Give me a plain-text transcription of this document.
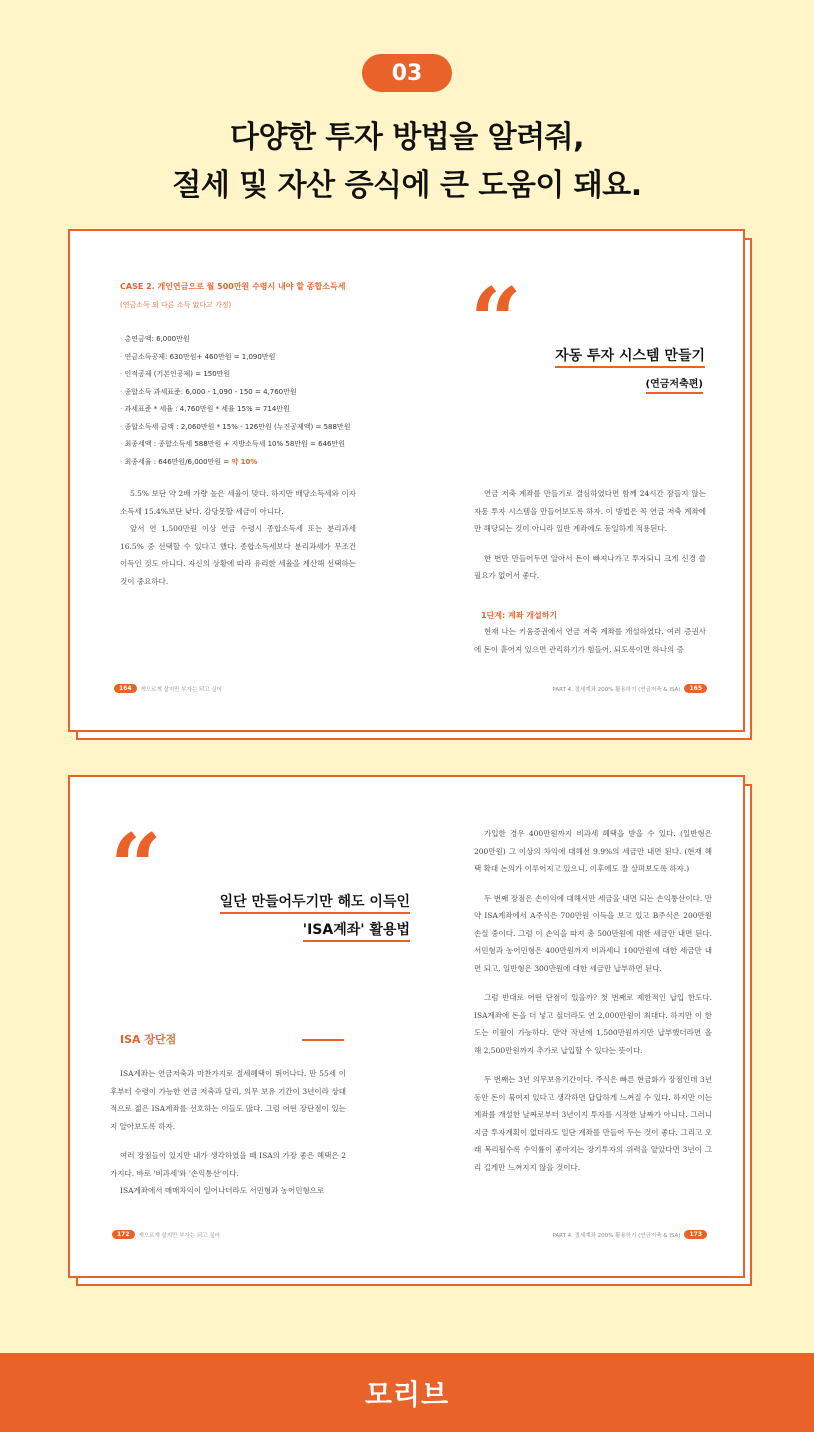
03
다양한 투자 방법을 알려줘,
절세 및 자산 증식에 큰 도움이 돼요.
CASE 2. 개인연금으로 월 500만원 수령시 내야 할 종합소득세
(연금소득 외 다른 소득 없다고 가정)
· 총연금액: 6,000만원
· 연금소득공제: 630만원+ 460만원 = 1,090만원
· 인적공제 (기본인공제) = 150만원
· 종합소득 과세표준: 6,000 - 1,090 - 150 = 4,760만원
· 과세표준 * 세율 : 4,760만원 * 세율 15% = 714만원
· 종합소득세 금액 : 2,060만원 * 15% - 126만원 (누진공제액) = 588만원
· 최종세액 : 종합소득세 588만원 + 지방소득세 10% 58만원 = 646만원
· 최종세율 : 646만원/6,000만원 = 약 10%

5.5% 보단 약 2배 가량 높은 세율이 맞다. 하지만 배당소득세와 이자소득세 15.4%보단 낮다. 감당못할 세금이 아니다.

앞서 연 1,500만원 이상 연금 수령시 종합소득세 또는 분리과세 16.5% 중 선택할 수 있다고 했다. 종합소득세보다 분리과세가 무조건 이득인 것도 아니다. 자신의 상황에 따라 유리한 세율을 계산해 선택하는 것이 중요하다.

164	게으르게 살지만 부자는 되고 싶어
“ 자동 투자 시스템 만들기
(연금저축편)

연금 저축 계좌를 만들기로 결심하였다면 함께 24시간 잠들지 않는 자동 투자 시스템을 만들어보도록 하자. 이 방법은 꼭 연금 저축 계좌에만 해당되는 것이 아니라 일반 계좌에도 동일하게 적용된다.

한 번만 만들어두면 알아서 돈이 빠져나가고 투자되니 크게 신경 쓸 필요가 없어서 좋다.

1단계: 계좌 개설하기

현재 나는 키움증권에서 연금 저축 계좌를 개설하였다. 여러 증권사에 돈이 흩어져 있으면 관리하기가 힘들어, 되도록이면 하나의 증

PART 4. 절세계좌 200% 활용하기 (연금저축 & ISA)	165
“	일단 만들어두기만 해도 이득인
'ISA계좌' 활용법
ISA 장단점

ISA계좌는 연금저축과 마찬가지로 절세혜택이 뛰어나다. 만 55세 이후부터 수령이 가능한 연금 저축과 달리, 의무 보유 기간이 3년이라 상대적으로 젊은 ISA계좌를 선호하는 이들도 많다. 그럼 어떤 장단점이 있는지 알아보도록 하자.

여러 장점들이 있지만 내가 생각하였을 때 ISA의 가장 좋은 혜택은 2가지다. 바로 '비과세'와 '손익통산'이다.

ISA계좌에서 매매차익이 일어나더라도 서민형과 농어민형으로

172	게으르게 살지만 부자는 되고 싶어

가입한 경우 400만원까지 비과세 혜택을 받을 수 있다. (일반형은 200만원) 그 이상의 차익에 대해선 9.9%의 세금만 내면 된다. (현재 혜택 확대 논의가 이루어지고 있으니, 이후에도 잘 살펴보도록 하자.)

두 번째 장점은 손이익에 대해서만 세금을 내면 되는 손익통산이다. 만약 ISA계좌에서 A주식은 700만원 이득을 보고 있고 B주식은 200만원 손실 중이다. 그럼 이 손익을 따져 총 500만원에 대한 세금만 내면 된다. 서민형과 농어민형은 400만원까지 비과세니 100만원에 대한 세금만 내면 되고, 일반형은 300만원에 대한 세금만 납부하면 된다.

그럼 반대로 어떤 단점이 있을까? 첫 번째로 제한적인 납입 한도다. ISA계좌에 돈을 더 넣고 싶더라도 연 2,000만원이 최대다. 하지만 이 한도는 이월이 가능하다. 만약 작년에 1,500만원까지만 납부했더라면 올 해 2,500만원까지 추가로 납입할 수 있다는 뜻이다.

두 번째는 3년 의무보유기간이다. 주식은 빠른 현금화가 장점인데 3년 동안 돈이 묶여져 있다고 생각하면 답답하게 느껴질 수 있다. 하지만 이는 계좌를 개설한 날짜로부터 3년이지 투자를 시작한 날짜가 아니다. 그러니 지금 투자계획이 없더라도 일단 계좌를 만들어 두는 것이 좋다. 그리고 오래 복리될수록 수익률이 좋아지는 장기투자의 위력을 알았다면 3년이 그리 길게만 느껴지지 않을 것이다.

PART 4. 절세계좌 200% 활용하기 (연금저축 & ISA)	173
모리브
